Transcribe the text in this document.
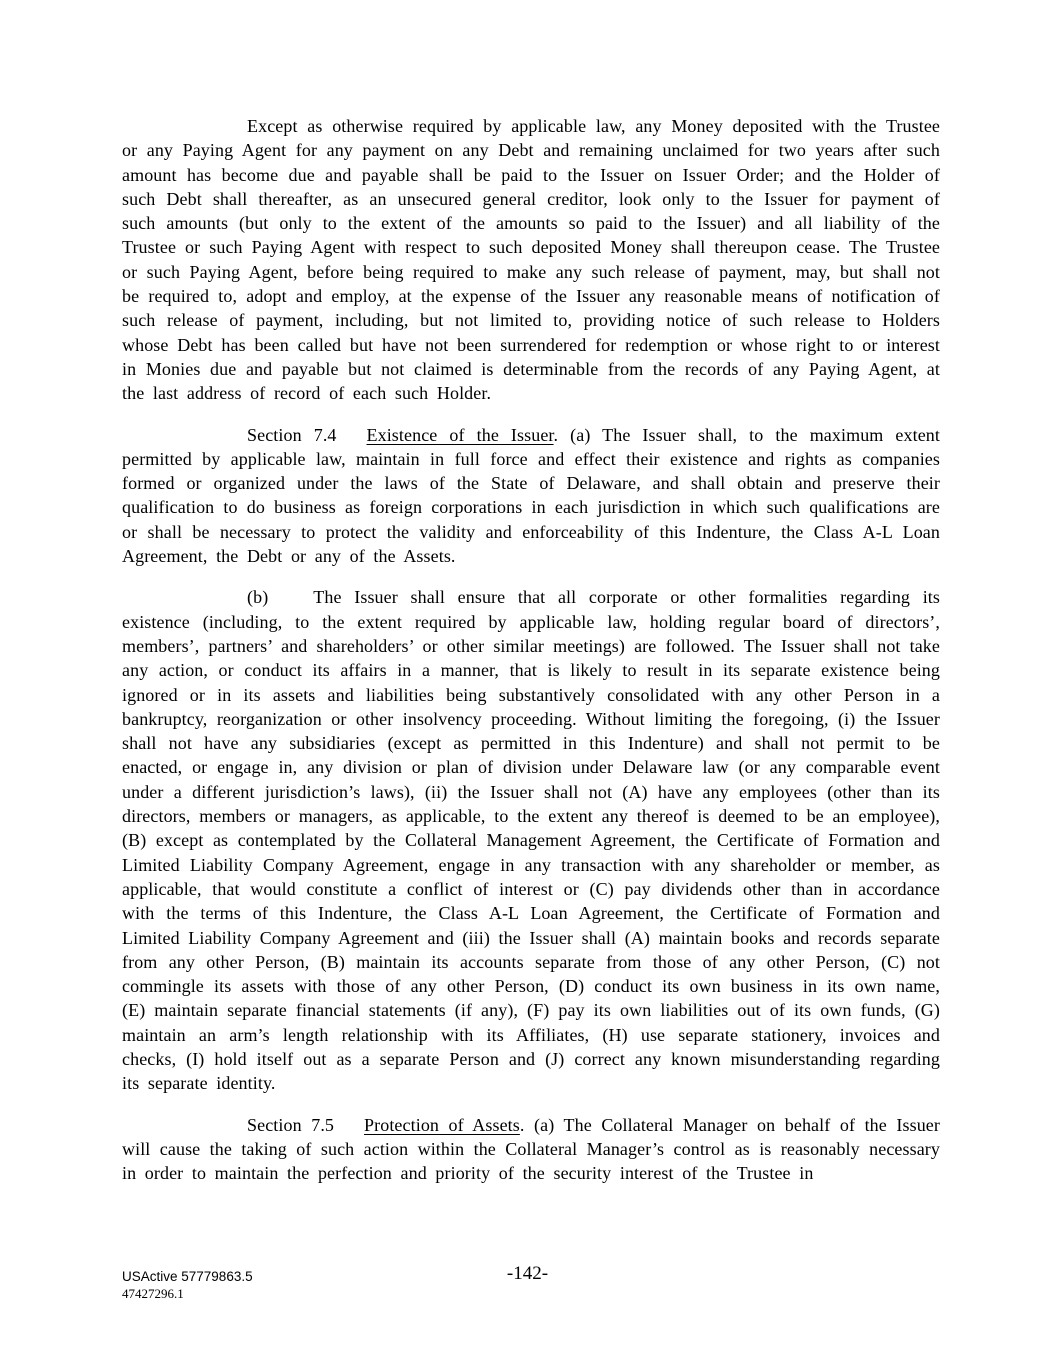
Except as otherwise required by applicable law, any Money deposited with the Trustee or any Paying Agent for any payment on any Debt and remaining unclaimed for two years after such amount has become due and payable shall be paid to the Issuer on Issuer Order; and the Holder of such Debt shall thereafter, as an unsecured general creditor, look only to the Issuer for payment of such amounts (but only to the extent of the amounts so paid to the Issuer) and all liability of the Trustee or such Paying Agent with respect to such deposited Money shall thereupon cease. The Trustee or such Paying Agent, before being required to make any such release of payment, may, but shall not be required to, adopt and employ, at the expense of the Issuer any reasonable means of notification of such release of payment, including, but not limited to, providing notice of such release to Holders whose Debt has been called but have not been surrendered for redemption or whose right to or interest in Monies due and payable but not claimed is determinable from the records of any Paying Agent, at the last address of record of each such Holder.

Section 7.4 Existence of the Issuer. (a) The Issuer shall, to the maximum extent permitted by applicable law, maintain in full force and effect their existence and rights as companies formed or organized under the laws of the State of Delaware, and shall obtain and preserve their qualification to do business as foreign corporations in each jurisdiction in which such qualifications are or shall be necessary to protect the validity and enforceability of this Indenture, the Class A-L Loan Agreement, the Debt or any of the Assets.

(b)	The Issuer shall ensure that all corporate or other formalities regarding its existence (including, to the extent required by applicable law, holding regular board of directors’, members’, partners’ and shareholders’ or other similar meetings) are followed. The Issuer shall not take any action, or conduct its affairs in a manner, that is likely to result in its separate existence being ignored or in its assets and liabilities being substantively consolidated with any other Person in a bankruptcy, reorganization or other insolvency proceeding. Without limiting the foregoing, (i) the Issuer shall not have any subsidiaries (except as permitted in this Indenture) and shall not permit to be enacted, or engage in, any division or plan of division under Delaware law (or any comparable event under a different jurisdiction’s laws), (ii) the Issuer shall not (A) have any employees (other than its directors, members or managers, as applicable, to the extent any thereof is deemed to be an employee), (B) except as contemplated by the Collateral Management Agreement, the Certificate of Formation and Limited Liability Company Agreement, engage in any transaction with any shareholder or member, as applicable, that would constitute a conflict of interest or (C) pay dividends other than in accordance with the terms of this Indenture, the Class A-L Loan Agreement, the Certificate of Formation and Limited Liability Company Agreement and (iii) the Issuer shall (A) maintain books and records separate from any other Person, (B) maintain its accounts separate from those of any other Person, (C) not commingle its assets with those of any other Person, (D) conduct its own business in its own name, (E) maintain separate financial statements (if any), (F) pay its own liabilities out of its own funds, (G) maintain an arm’s length relationship with its Affiliates, (H) use separate stationery, invoices and checks, (I) hold itself out as a separate Person and (J) correct any known misunderstanding regarding its separate identity.

Section 7.5 Protection of Assets. (a) The Collateral Manager on behalf of the Issuer will cause the taking of such action within the Collateral Manager’s control as is reasonably necessary in order to maintain the perfection and priority of the security interest of the Trustee in

USActive 57779863.5
47427296.1
-142-
